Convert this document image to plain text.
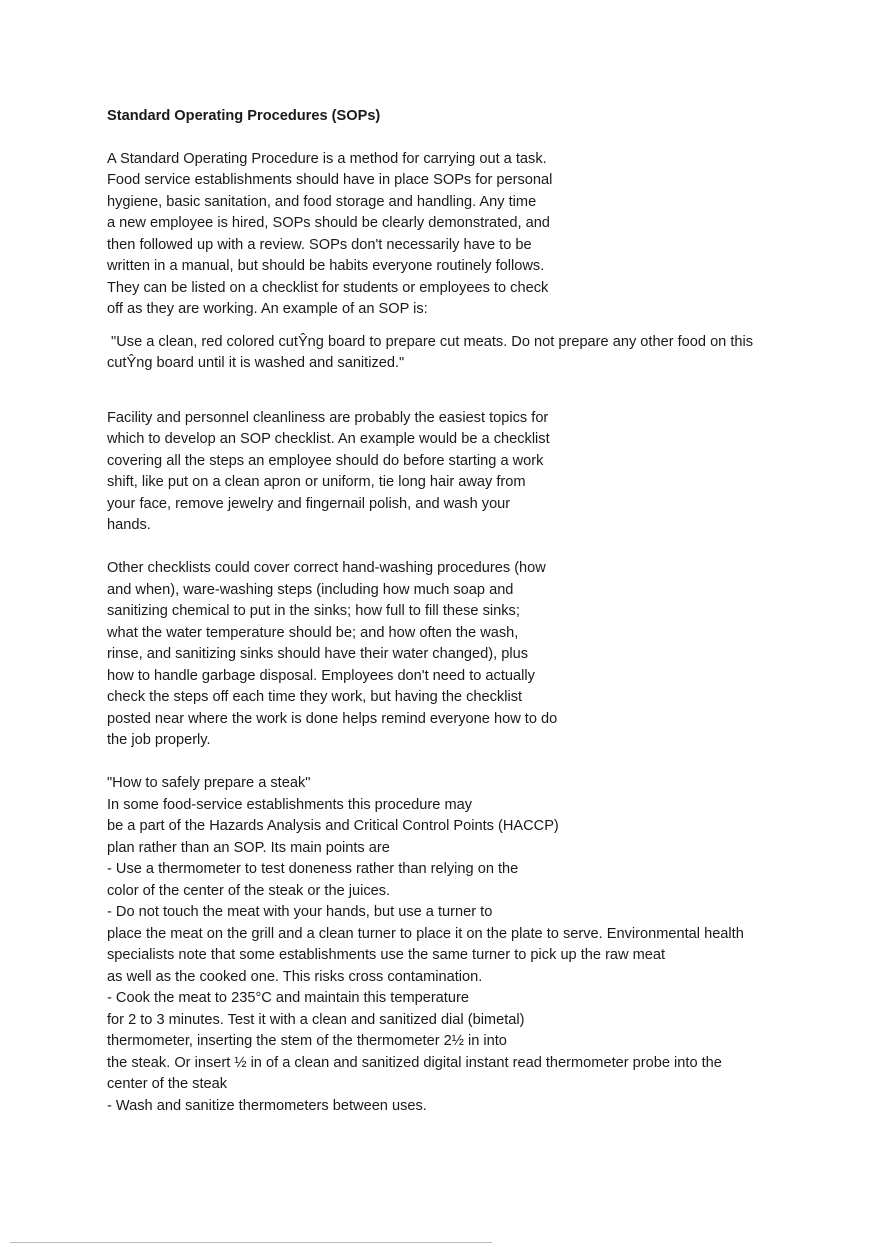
Standard Operating Procedures (SOPs)
A Standard Operating Procedure is a method for carrying out a task.
Food service establishments should have in place SOPs for personal
hygiene, basic sanitation, and food storage and handling. Any time
a new employee is hired, SOPs should be clearly demonstrated, and
then followed up with a review. SOPs don't necessarily have to be
written in a manual, but should be habits everyone routinely follows.
They can be listed on a checklist for students or employees to check
off as they are working. An example of an SOP is:
"Use a clean, red colored cutŶng board to prepare cut meats. Do not prepare any other food on this
cutŶng board until it is washed and sanitized."
Facility and personnel cleanliness are probably the easiest topics for
which to develop an SOP checklist. An example would be a checklist
covering all the steps an employee should do before starting a work
shift, like put on a clean apron or uniform, tie long hair away from
your face, remove jewelry and fingernail polish, and wash your
hands.
Other checklists could cover correct hand-washing procedures (how
and when), ware-washing steps (including how much soap and
sanitizing chemical to put in the sinks; how full to fill these sinks;
what the water temperature should be; and how often the wash,
rinse, and sanitizing sinks should have their water changed), plus
how to handle garbage disposal. Employees don't need to actually
check the steps off each time they work, but having the checklist
posted near where the work is done helps remind everyone how to do
the job properly.
"How to safely prepare a steak"
In some food-service establishments this procedure may
be a part of the Hazards Analysis and Critical Control Points (HACCP)
plan rather than an SOP. Its main points are
- Use a thermometer to test doneness rather than relying on the
color of the center of the steak or the juices.
- Do not touch the meat with your hands, but use a turner to
place the meat on the grill and a clean turner to place it on the plate to serve. Environmental health
specialists note that some establishments use the same turner to pick up the raw meat
as well as the cooked one. This risks cross contamination.
- Cook the meat to 235°C and maintain this temperature
for 2 to 3 minutes. Test it with a clean and sanitized dial (bimetal)
thermometer, inserting the stem of the thermometer 2½ in into
the steak. Or insert ½ in of a clean and sanitized digital instant read thermometer probe into the
center of the steak
- Wash and sanitize thermometers between uses.
